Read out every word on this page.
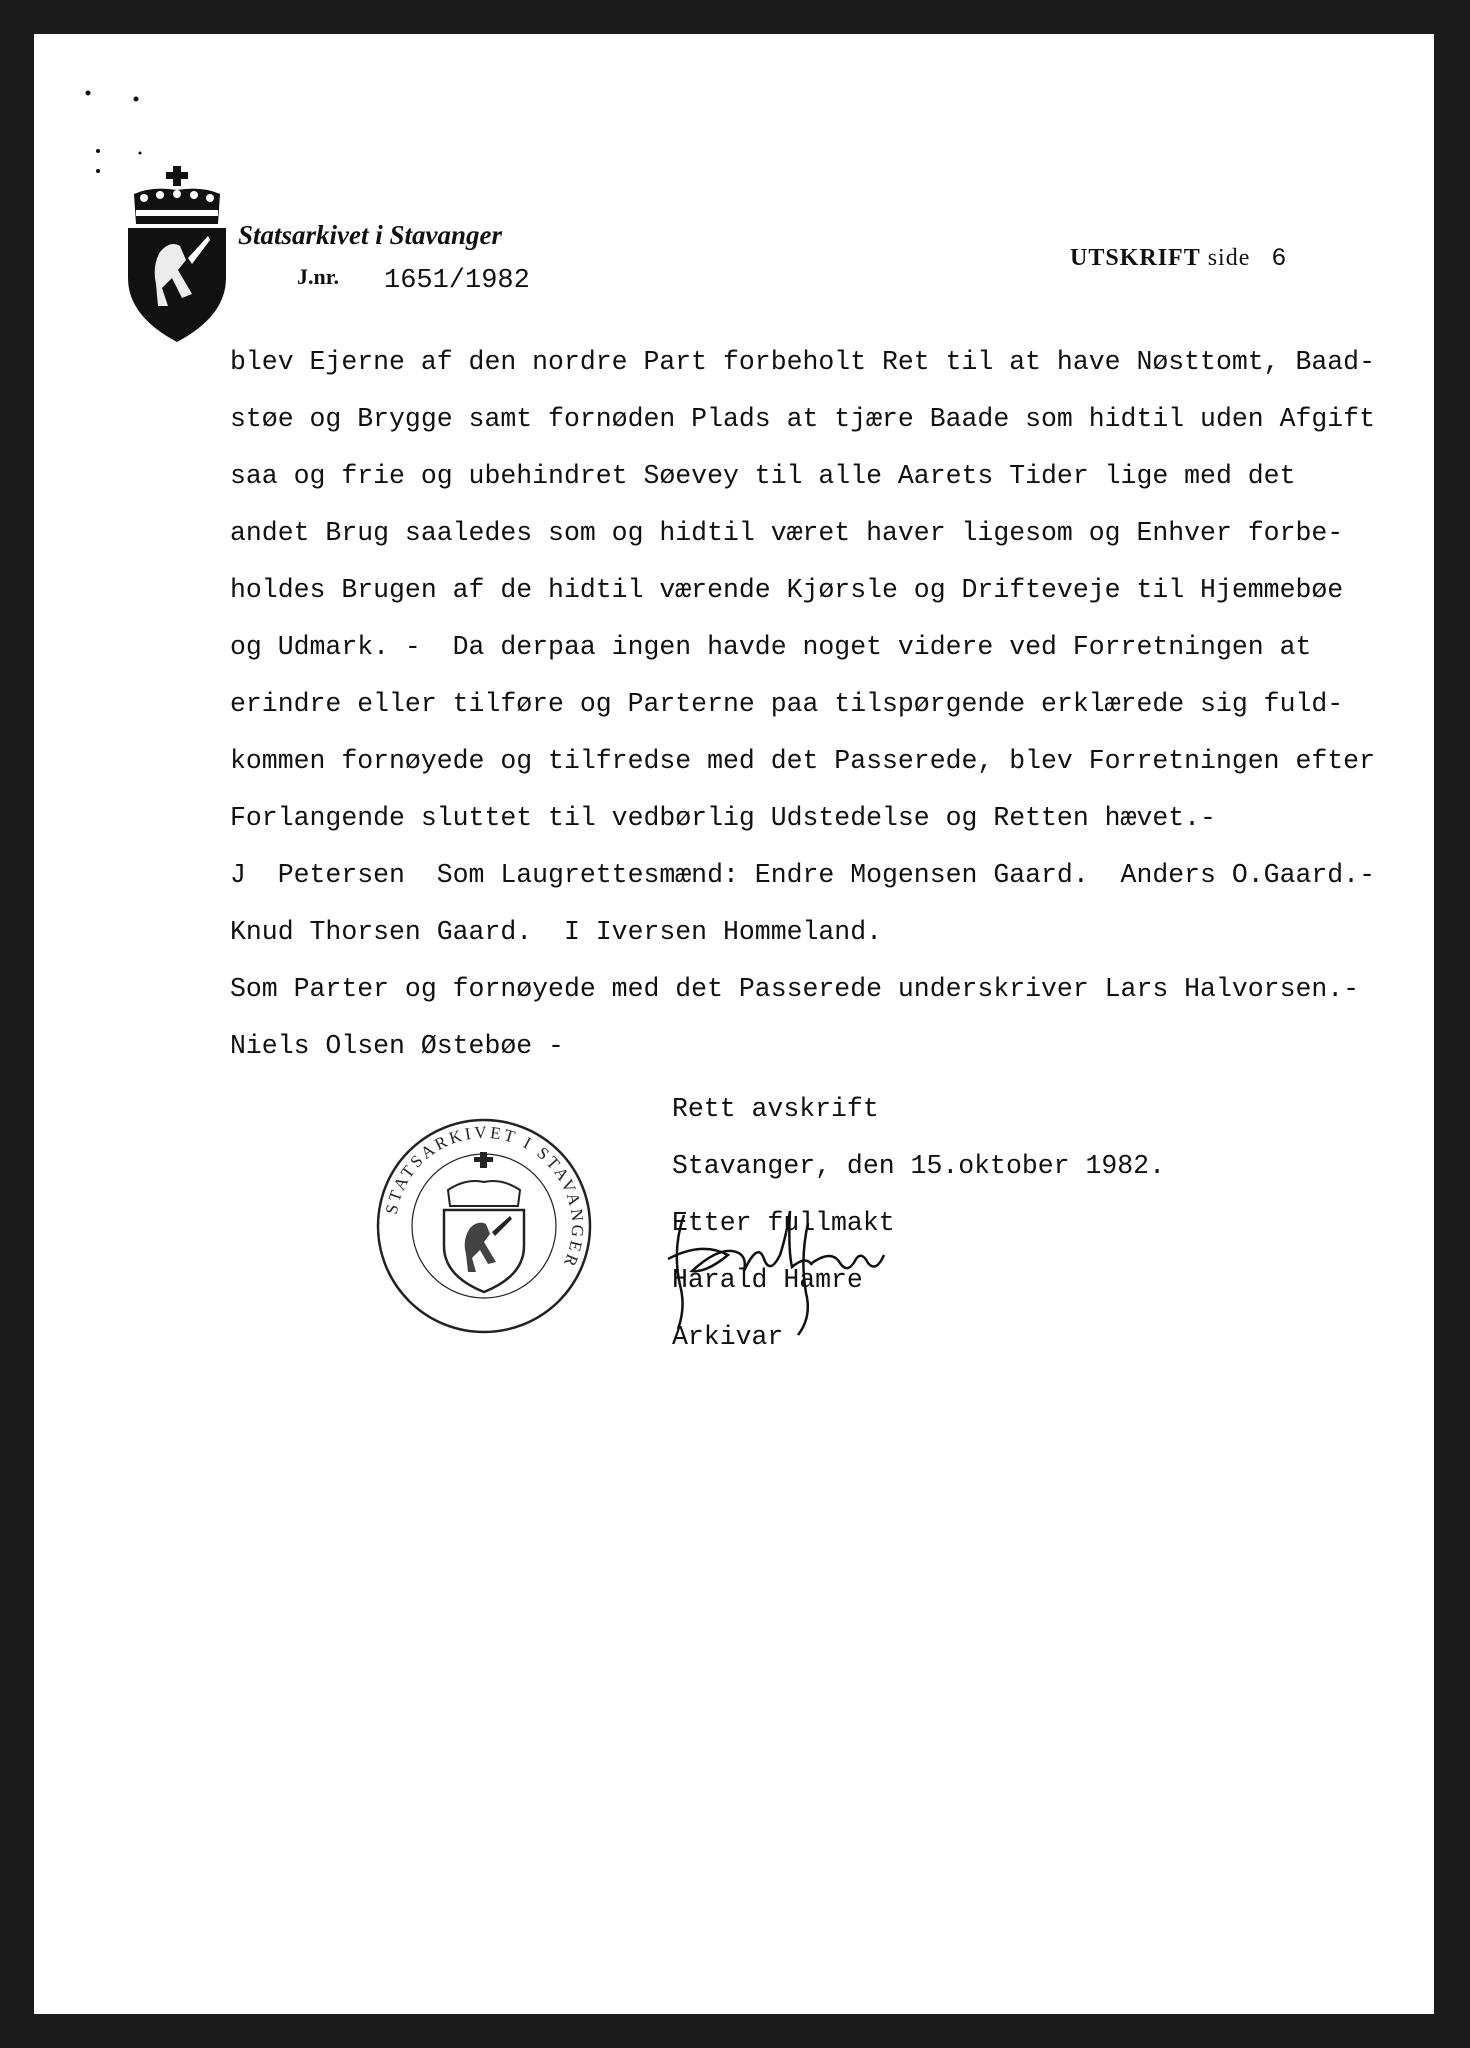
Statsarkivet i Stavanger
J.nr. 1651/1982
UTSKRIFT side 6
blev Ejerne af den nordre Part forbeholt Ret til at have Nøsttomt, Baad-
støe og Brygge samt fornøden Plads at tjære Baade som hidtil uden Afgift
saa og frie og ubehindret Søevey til alle Aarets Tider lige med det
andet Brug saaledes som og hidtil været haver ligesom og Enhver forbe-
holdes Brugen af de hidtil værende Kjørsle og Drifteveje til Hjemmebøe
og Udmark. -  Da derpaa ingen havde noget videre ved Forretningen at
erindre eller tilføre og Parterne paa tilspørgende erklærede sig fuld-
kommen fornøyede og tilfredse med det Passerede, blev Forretningen efter
Forlangende sluttet til vedbørlig Udstedelse og Retten hævet.-
J  Petersen  Som Laugrettesmænd: Endre Mogensen Gaard.  Anders O.Gaard.-
Knud Thorsen Gaard.  I Iversen Hommeland.
Som Parter og fornøyede med det Passerede underskriver Lars Halvorsen.-
Niels Olsen Østebøe -
STATSARKIVET I STAVANGER
Rett avskrift
Stavanger, den 15.oktober 1982.
Etter fullmakt
Harald Hamre
Arkivar
